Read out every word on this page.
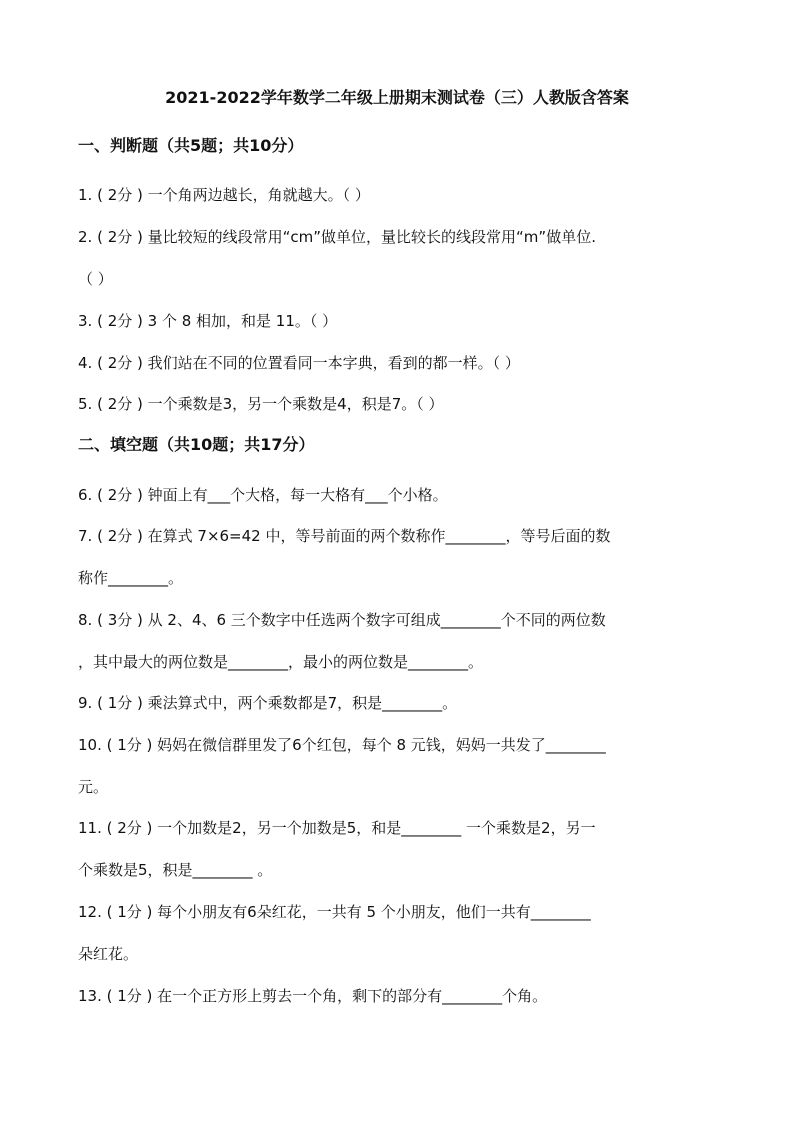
2021-2022学年数学二年级上册期末测试卷（三）人教版含答案
一、判断题（共5题；共10分）
1. ( 2分 ) 一个角两边越长，角就越大。（ ）
2. ( 2分 ) 量比较短的线段常用“cm”做单位，量比较长的线段常用“m”做单位.
（ ）
3. ( 2分 ) 3 个 8 相加，和是 11。（ ）
4. ( 2分 ) 我们站在不同的位置看同一本字典，看到的都一样。（ ）
5. ( 2分 ) 一个乘数是3，另一个乘数是4，积是7。（ ）
二、填空题（共10题；共17分）
6. ( 2分 ) 钟面上有___个大格，每一大格有___个小格。
7. ( 2分 ) 在算式 7×6=42 中，等号前面的两个数称作________，等号后面的数
称作________。
8. ( 3分 ) 从 2、4、6 三个数字中任选两个数字可组成________个不同的两位数
，其中最大的两位数是________，最小的两位数是________。
9. ( 1分 ) 乘法算式中，两个乘数都是7，积是________。
10. ( 1分 ) 妈妈在微信群里发了6个红包，每个 8 元钱，妈妈一共发了________
元。
11. ( 2分 ) 一个加数是2，另一个加数是5，和是________ 一个乘数是2，另一
个乘数是5，积是________ 。
12. ( 1分 ) 每个小朋友有6朵红花，一共有 5 个小朋友，他们一共有________
朵红花。
13. ( 1分 ) 在一个正方形上剪去一个角，剩下的部分有________个角。
